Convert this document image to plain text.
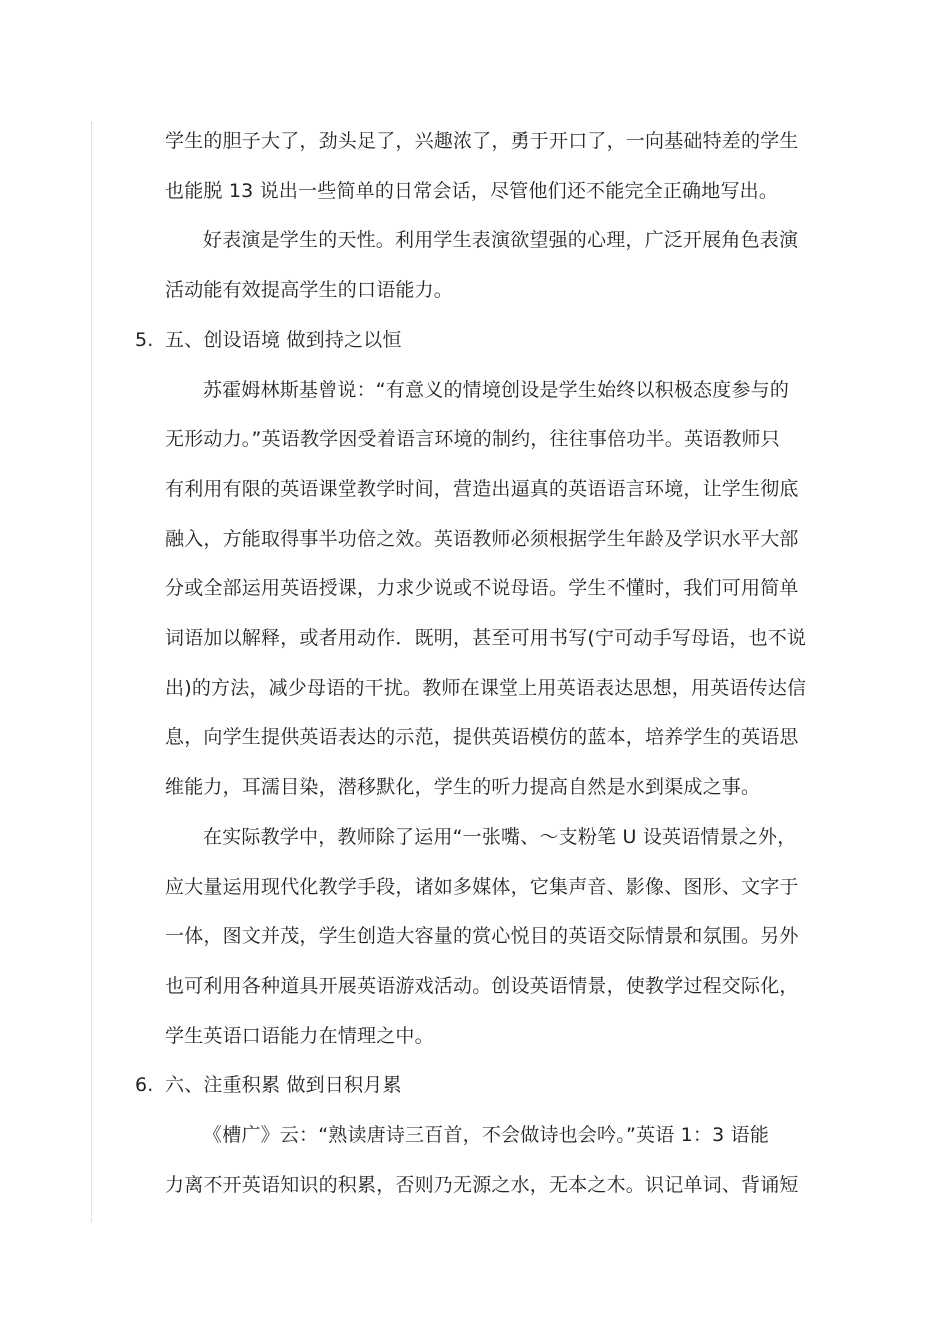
学生的胆子大了，劲头足了，兴趣浓了，勇于开口了，一向基础特差的学生
也能脱 13 说出一些简单的日常会话，尽管他们还不能完全正确地写出。
好表演是学生的天性。利用学生表演欲望强的心理，广泛开展角色表演
活动能有效提高学生的口语能力。
5. 五、创设语境 做到持之以恒
苏霍姆林斯基曾说：“有意义的情境创设是学生始终以积极态度参与的
无形动力。”英语教学因受着语言环境的制约，往往事倍功半。英语教师只
有利用有限的英语课堂教学时间，营造出逼真的英语语言环境，让学生彻底
融入，方能取得事半功倍之效。英语教师必须根据学生年龄及学识水平大部
分或全部运用英语授课，力求少说或不说母语。学生不懂时，我们可用简单
词语加以解释，或者用动作．既明，甚至可用书写(宁可动手写母语，也不说
出)的方法，减少母语的干扰。教师在课堂上用英语表达思想，用英语传达信
息，向学生提供英语表达的示范，提供英语模仿的蓝本，培养学生的英语思
维能力，耳濡目染，潜移默化，学生的听力提高自然是水到渠成之事。
在实际教学中，教师除了运用“一张嘴、～支粉笔 U 设英语情景之外，
应大量运用现代化教学手段，诸如多媒体，它集声音、影像、图形、文字于
一体，图文并茂，学生创造大容量的赏心悦目的英语交际情景和氛围。另外
也可利用各种道具开展英语游戏活动。创设英语情景，使教学过程交际化，
学生英语口语能力在情理之中。
6. 六、注重积累 做到日积月累
《槽广》云：“熟读唐诗三百首，不会做诗也会吟。”英语 1：3 语能
力离不开英语知识的积累，否则乃无源之水，无本之木。识记单词、背诵短
